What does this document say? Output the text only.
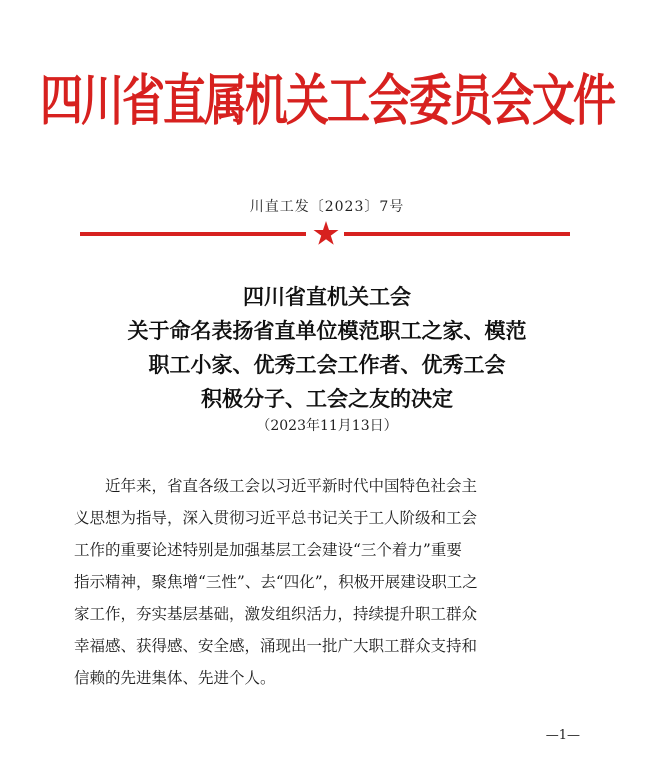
四川省直属机关工会委员会文件
川直工发〔2023〕7号
四川省直机关工会
关于命名表扬省直单位模范职工之家、模范
职工小家、优秀工会工作者、优秀工会
积极分子、工会之友的决定
（2023年11月13日）
近年来，省直各级工会以习近平新时代中国特色社会主
义思想为指导，深入贯彻习近平总书记关于工人阶级和工会
工作的重要论述特别是加强基层工会建设“三个着力”重要
指示精神，聚焦增“三性”、去“四化”，积极开展建设职工之
家工作，夯实基层基础，激发组织活力，持续提升职工群众
幸福感、获得感、安全感，涌现出一批广大职工群众支持和
信赖的先进集体、先进个人。
—1—
